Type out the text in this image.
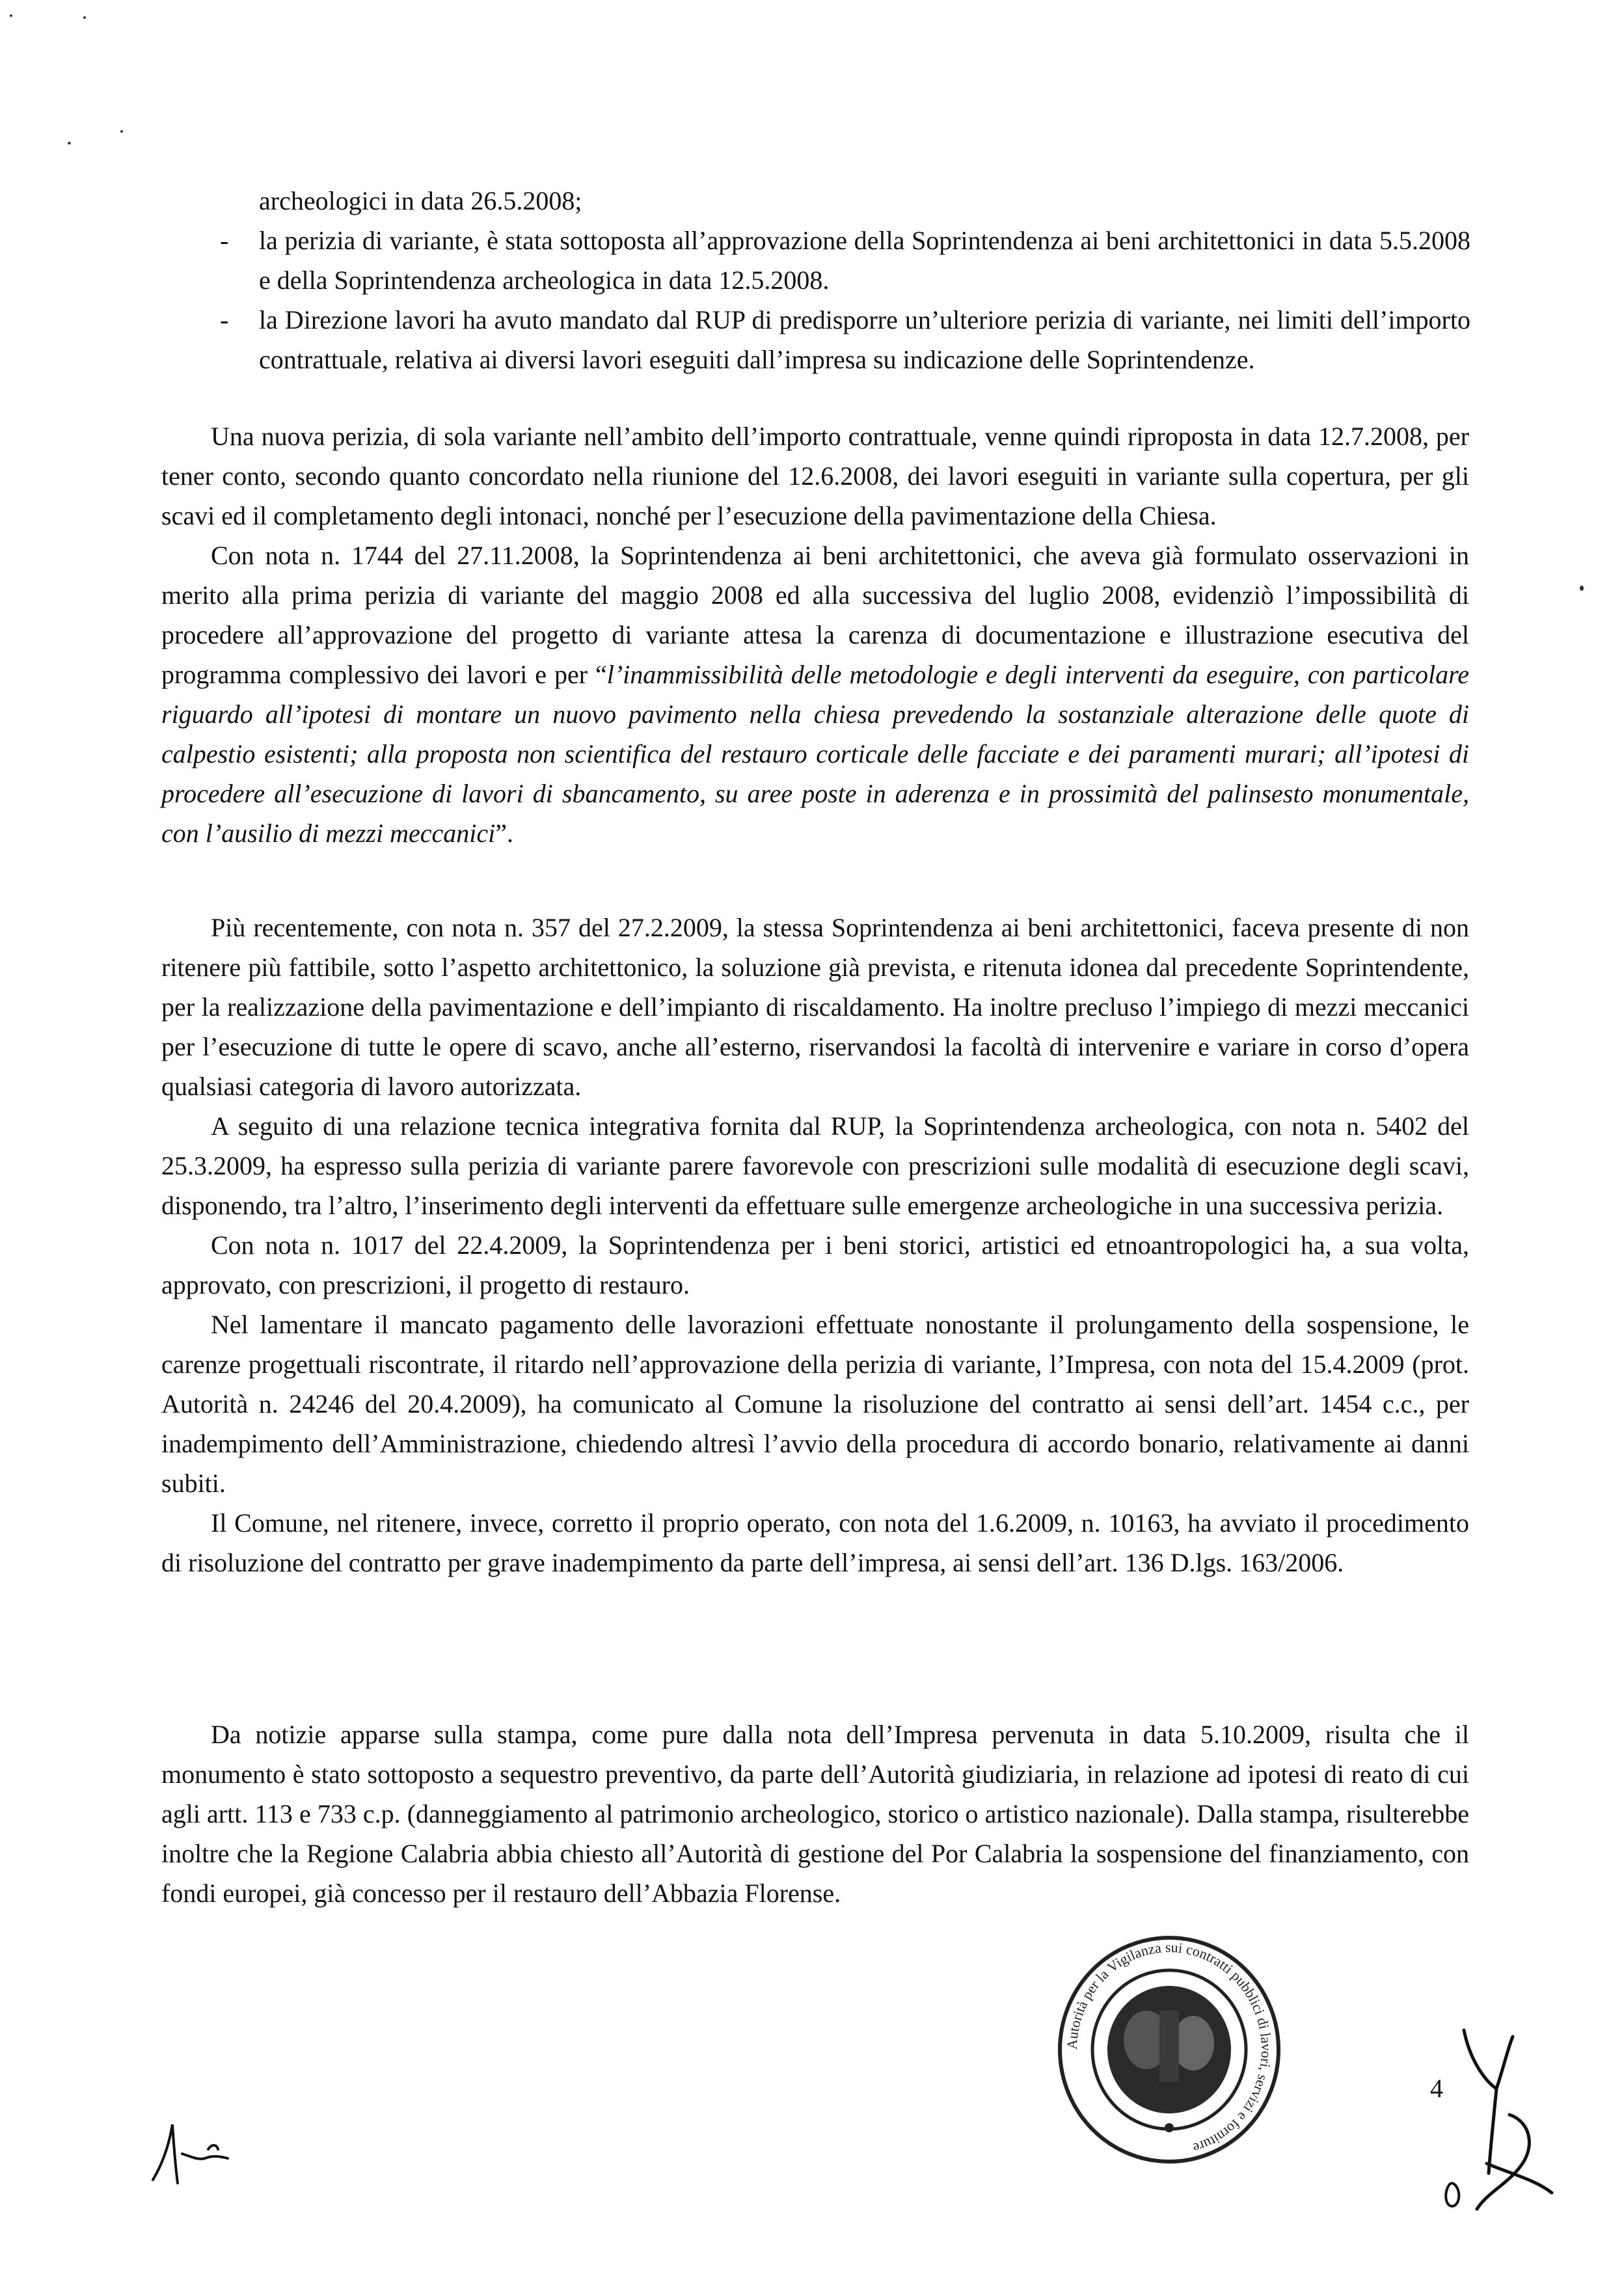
archeologici in data 26.5.2008;

- la perizia di variante, è stata sottoposta all’approvazione della Soprintendenza ai beni architettonici in data 5.5.2008 e della Soprintendenza archeologica in data 12.5.2008.
- la Direzione lavori ha avuto mandato dal RUP di predisporre un’ulteriore perizia di variante, nei limiti dell’importo contrattuale, relativa ai diversi lavori eseguiti dall’impresa su indicazione delle Soprintendenze.

Una nuova perizia, di sola variante nell’ambito dell’importo contrattuale, venne quindi riproposta in data 12.7.2008, per tener conto, secondo quanto concordato nella riunione del 12.6.2008, dei lavori eseguiti in variante sulla copertura, per gli scavi ed il completamento degli intonaci, nonché per l’esecuzione della pavimentazione della Chiesa.

Con nota n. 1744 del 27.11.2008, la Soprintendenza ai beni architettonici, che aveva già formulato osservazioni in merito alla prima perizia di variante del maggio 2008 ed alla successiva del luglio 2008, evidenziò l’impossibilità di procedere all’approvazione del progetto di variante attesa la carenza di documentazione e illustrazione esecutiva del programma complessivo dei lavori e per “l’inammissibilità delle metodologie e degli interventi da eseguire, con particolare riguardo all’ipotesi di montare un nuovo pavimento nella chiesa prevedendo la sostanziale alterazione delle quote di calpestio esistenti; alla proposta non scientifica del restauro corticale delle facciate e dei paramenti murari; all’ipotesi di procedere all’esecuzione di lavori di sbancamento, su aree poste in aderenza e in prossimità del palinsesto monumentale, con l’ausilio di mezzi meccanici”.

Più recentemente, con nota n. 357 del 27.2.2009, la stessa Soprintendenza ai beni architettonici, faceva presente di non ritenere più fattibile, sotto l’aspetto architettonico, la soluzione già prevista, e ritenuta idonea dal precedente Soprintendente, per la realizzazione della pavimentazione e dell’impianto di riscaldamento. Ha inoltre precluso l’impiego di mezzi meccanici per l’esecuzione di tutte le opere di scavo, anche all’esterno, riservandosi la facoltà di intervenire e variare in corso d’opera qualsiasi categoria di lavoro autorizzata.

A seguito di una relazione tecnica integrativa fornita dal RUP, la Soprintendenza archeologica, con nota n. 5402 del 25.3.2009, ha espresso sulla perizia di variante parere favorevole con prescrizioni sulle modalità di esecuzione degli scavi, disponendo, tra l’altro, l’inserimento degli interventi da effettuare sulle emergenze archeologiche in una successiva perizia.

Con nota n. 1017 del 22.4.2009, la Soprintendenza per i beni storici, artistici ed etnoantropologici ha, a sua volta, approvato, con prescrizioni, il progetto di restauro.

Nel lamentare il mancato pagamento delle lavorazioni effettuate nonostante il prolungamento della sospensione, le carenze progettuali riscontrate, il ritardo nell’approvazione della perizia di variante, l’Impresa, con nota del 15.4.2009 (prot. Autorità n. 24246 del 20.4.2009), ha comunicato al Comune la risoluzione del contratto ai sensi dell’art. 1454 c.c., per inadempimento dell’Amministrazione, chiedendo altresì l’avvio della procedura di accordo bonario, relativamente ai danni subiti.

Il Comune, nel ritenere, invece, corretto il proprio operato, con nota del 1.6.2009, n. 10163, ha avviato il procedimento di risoluzione del contratto per grave inadempimento da parte dell’impresa, ai sensi dell’art. 136 D.lgs. 163/2006.

Da notizie apparse sulla stampa, come pure dalla nota dell’Impresa pervenuta in data 5.10.2009, risulta che il monumento è stato sottoposto a sequestro preventivo, da parte dell’Autorità giudiziaria, in relazione ad ipotesi di reato di cui agli artt. 113 e 733 c.p. (danneggiamento al patrimonio archeologico, storico o artistico nazionale). Dalla stampa, risulterebbe inoltre che la Regione Calabria abbia chiesto all’Autorità di gestione del Por Calabria la sospensione del finanziamento, con fondi europei, già concesso per il restauro dell’Abbazia Florense.

Autorità per la Vigilanza sui contratti pubblici di lavori, servizi e forniture
4
